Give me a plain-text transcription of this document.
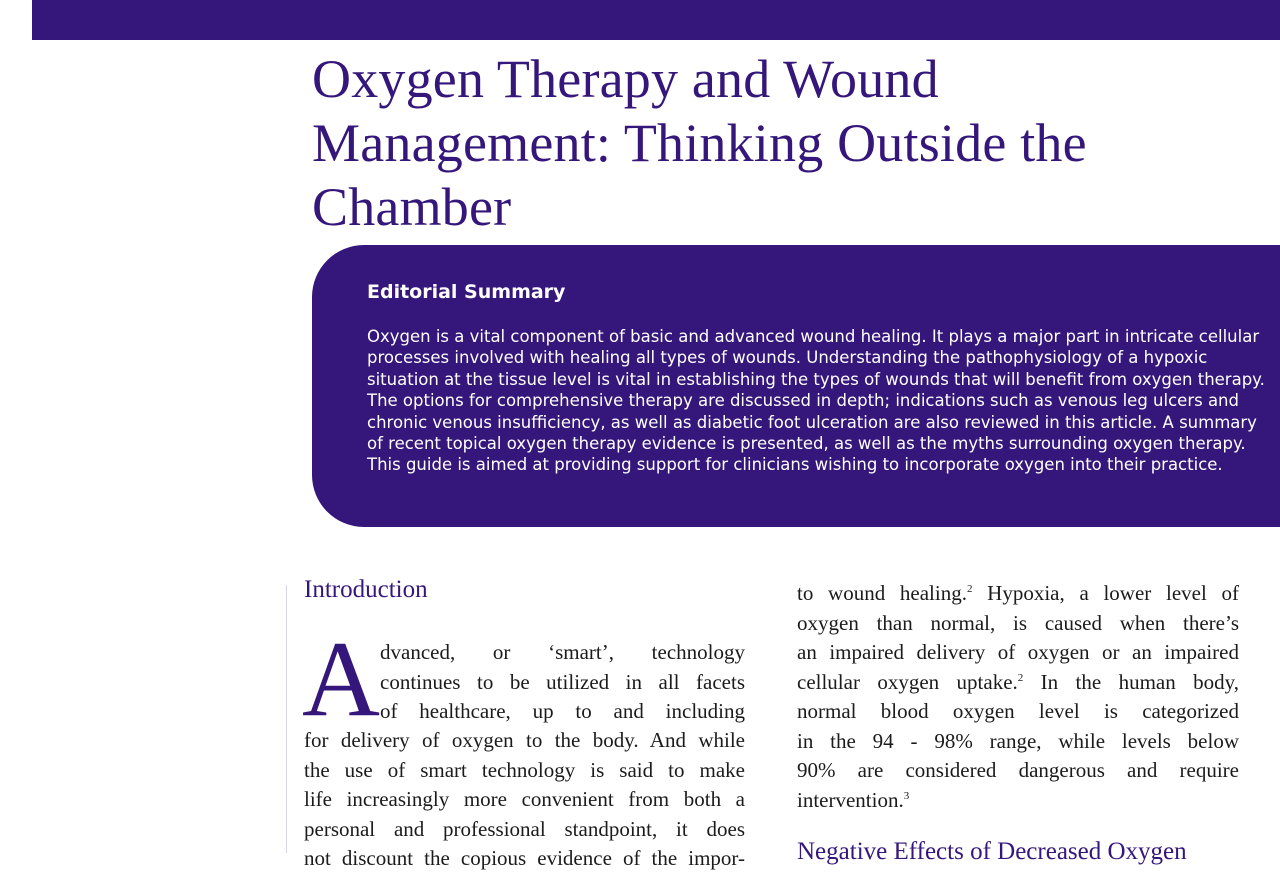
Oxygen Therapy and Wound
Management: Thinking Outside the
Chamber
Editorial Summary

Oxygen is a vital component of basic and advanced wound healing. It plays a major part in intricate cellular
processes involved with healing all types of wounds. Understanding the pathophysiology of a hypoxic
situation at the tissue level is vital in establishing the types of wounds that will benefit from oxygen therapy.
The options for comprehensive therapy are discussed in depth; indications such as venous leg ulcers and
chronic venous insufficiency, as well as diabetic foot ulceration are also reviewed in this article. A summary
of recent topical oxygen therapy evidence is presented, as well as the myths surrounding oxygen therapy.
This guide is aimed at providing support for clinicians wishing to incorporate oxygen into their practice.

Introduction
A dvanced, or ‘smart’, technology
continues to be utilized in all facets
of healthcare, up to and including

for delivery of oxygen to the body. And while
the use of smart technology is said to make
life increasingly more convenient from both a
personal and professional standpoint, it does
not discount the copious evidence of the impor-

to wound healing.$^2$ Hypoxia, a lower level of
oxygen than normal, is caused when there’s
an impaired delivery of oxygen or an impaired
cellular oxygen uptake.$^2$ In the human body,
normal blood oxygen level is categorized
in the 94 - 98% range, while levels below
90% are considered dangerous and require
intervention.$^3$

Negative Effects of Decreased Oxygen
